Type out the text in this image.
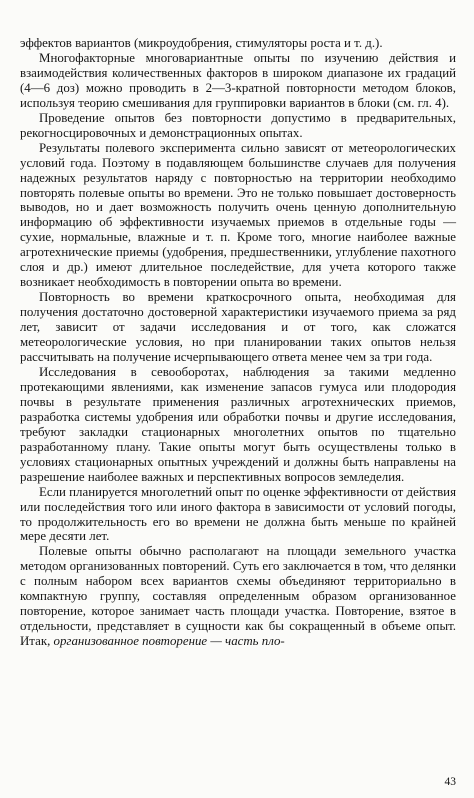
эффектов вариантов (микроудобрения, стимуляторы роста и т. д.).

Многофакторные многовариантные опыты по изучению действия и взаимодействия количественных факторов в широком диапазоне их градаций (4—6 доз) можно проводить в 2—3-кратной повторности методом блоков, используя теорию смешивания для группировки вариантов в блоки (см. гл. 4).

Проведение опытов без повторности допустимо в предварительных, рекогносцировочных и демонстрационных опытах.

Результаты полевого эксперимента сильно зависят от метеорологических условий года. Поэтому в подавляющем большинстве случаев для получения надежных результатов наряду с повторностью на территории необходимо повторять полевые опыты во времени. Это не только повышает достоверность выводов, но и дает возможность получить очень ценную дополнительную информацию об эффективности изучаемых приемов в отдельные годы — сухие, нормальные, влажные и т. п. Кроме того, многие наиболее важные агротехнические приемы (удобрения, предшественники, углубление пахотного слоя и др.) имеют длительное последействие, для учета которого также возникает необходимость в повторении опыта во времени.

Повторность во времени краткосрочного опыта, необходимая для получения достаточно достоверной характеристики изучаемого приема за ряд лет, зависит от задачи исследования и от того, как сложатся метеорологические условия, но при планировании таких опытов нельзя рассчитывать на получение исчерпывающего ответа менее чем за три года.

Исследования в севооборотах, наблюдения за такими медленно протекающими явлениями, как изменение запасов гумуса или плодородия почвы в результате применения различных агротехнических приемов, разработка системы удобрения или обработки почвы и другие исследования, требуют закладки стационарных многолетних опытов по тщательно разработанному плану. Такие опыты могут быть осуществлены только в условиях стационарных опытных учреждений и должны быть направлены на разрешение наиболее важных и перспективных вопросов земледелия.

Если планируется многолетний опыт по оценке эффективности от действия или последействия того или иного фактора в зависимости от условий погоды, то продолжительность его во времени не должна быть меньше по крайней мере десяти лет.

Полевые опыты обычно располагают на площади земельного участка методом организованных повторений. Суть его заключается в том, что делянки с полным набором всех вариантов схемы объединяют территориально в компактную группу, составляя определенным образом организованное повторение, которое занимает часть площади участка. Повторение, взятое в отдельности, представляет в сущности как бы сокращенный в объеме опыт. Итак, организованное повторение — часть пло-

43
